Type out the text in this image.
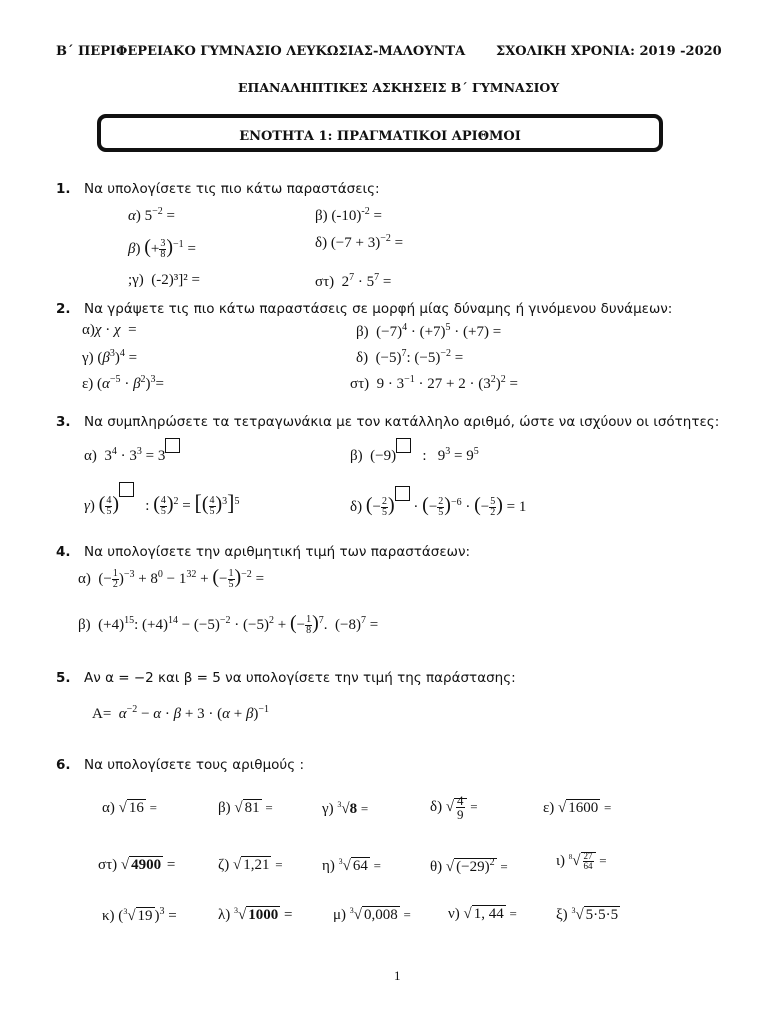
Β΄ ΠΕΡΙΦΕΡΕΙΑΚΟ ΓΥΜΝΑΣΙΟ ΛΕΥΚΩΣΙΑΣ-ΜΑΛΟΥΝΤΑ ΣΧΟΛΙΚΗ ΧΡΟΝΙΑ: 2019 -2020
ΕΠΑΝΑΛΗΠΤΙΚΕΣ ΑΣΚΗΣΕΙΣ Β΄ ΓΥΜΝΑΣΙΟΥ
ΕΝΟΤΗΤΑ 1: ΠΡΑΓΜΑΤΙΚΟΙ ΑΡΙΘΜΟΙ
1. Να υπολογίσετε τις πιο κάτω παραστάσεις:
α) $5^{-2}$ =	β) $(-10)^{-2}$ =
β) (+ $\frac{3}{8} )^{-1}$ =	δ) $(-7 + 3)^{-2}$ =
;γ)  (-2)³]² =	στ)  $2^7 \cdot 5^7$ =
2. Να γράψετε τις πιο κάτω παραστάσεις σε μορφή μίας δύναμης ή γινόμενου δυνάμεων:
α)χ · χ  =	β)  $(-7)^4 \cdot (+7)^5 \cdot (+7)$ =
γ) $(\beta^3)^4$ =	δ)  $(-5)^7$: $(-5)^{-2}$ =
ε) $(\alpha^{-5} \cdot \beta^2)^3=$	στ)  $9 \cdot 3^{-1} \cdot 27 + 2 \cdot (3^2)^2$ =
3. Να συμπληρώσετε τα τετραγωνάκια με τον κατάλληλο αριθμό, ώστε να ισχύουν οι ισότητες:
α)  $3^4 \cdot 3^3 = 3$	β)  (−9)   :   $9^3 = 9^5$
γ) ( $\frac{4}{5}$ )   : ( $\frac{4}{5} )^2$ = [( $\frac{4}{5} )^3]^5$	δ) (− $\frac{2}{5}$ ) · (− $\frac{2}{5} )^{-6}$ · (− $\frac{5}{2}$ ) = 1
4. Να υπολογίσετε την αριθμητική τιμή των παραστάσεων:
α)  (− $\frac{1}{2} )^{-3} + 8^0 - 1^{32}$ + (− $\frac{1}{5} )^{-2}$ =
β)  $(+4)^{15}$: $(+4)^{14} - (-5)^{-2} \cdot (-5)^2$ + (− $\frac{1}{8} )^7$.  $(-8)^7$ =
5. Αν α = −2 και β = 5 να υπολογίσετε την τιμή της παράστασης:
$A= \alpha^{-2} - \alpha \cdot \beta + 3 \cdot (\alpha + \beta)^{-1}$
6. Να υπολογίσετε τους αριθμούς :
α) √ 16 =	β) √ 81 =	γ) $^3$√8 =	δ) √ $\frac{4}{9}$ =	ε) √ 1600 =
στ) √ 4900 =	ζ) √ 1,21 =	η) $^3$√ 64 =	θ) √ $(-29)^2$ =	ι) $^8√ \frac{27}{64}$ =
κ) ($^3$√ 19 )$^3$ =	λ) $^3$√ 1000 =	μ) $^3$√ 0,008 = ν) √ 1, 44 =	ξ) $^3$√ 5·5·5
1
